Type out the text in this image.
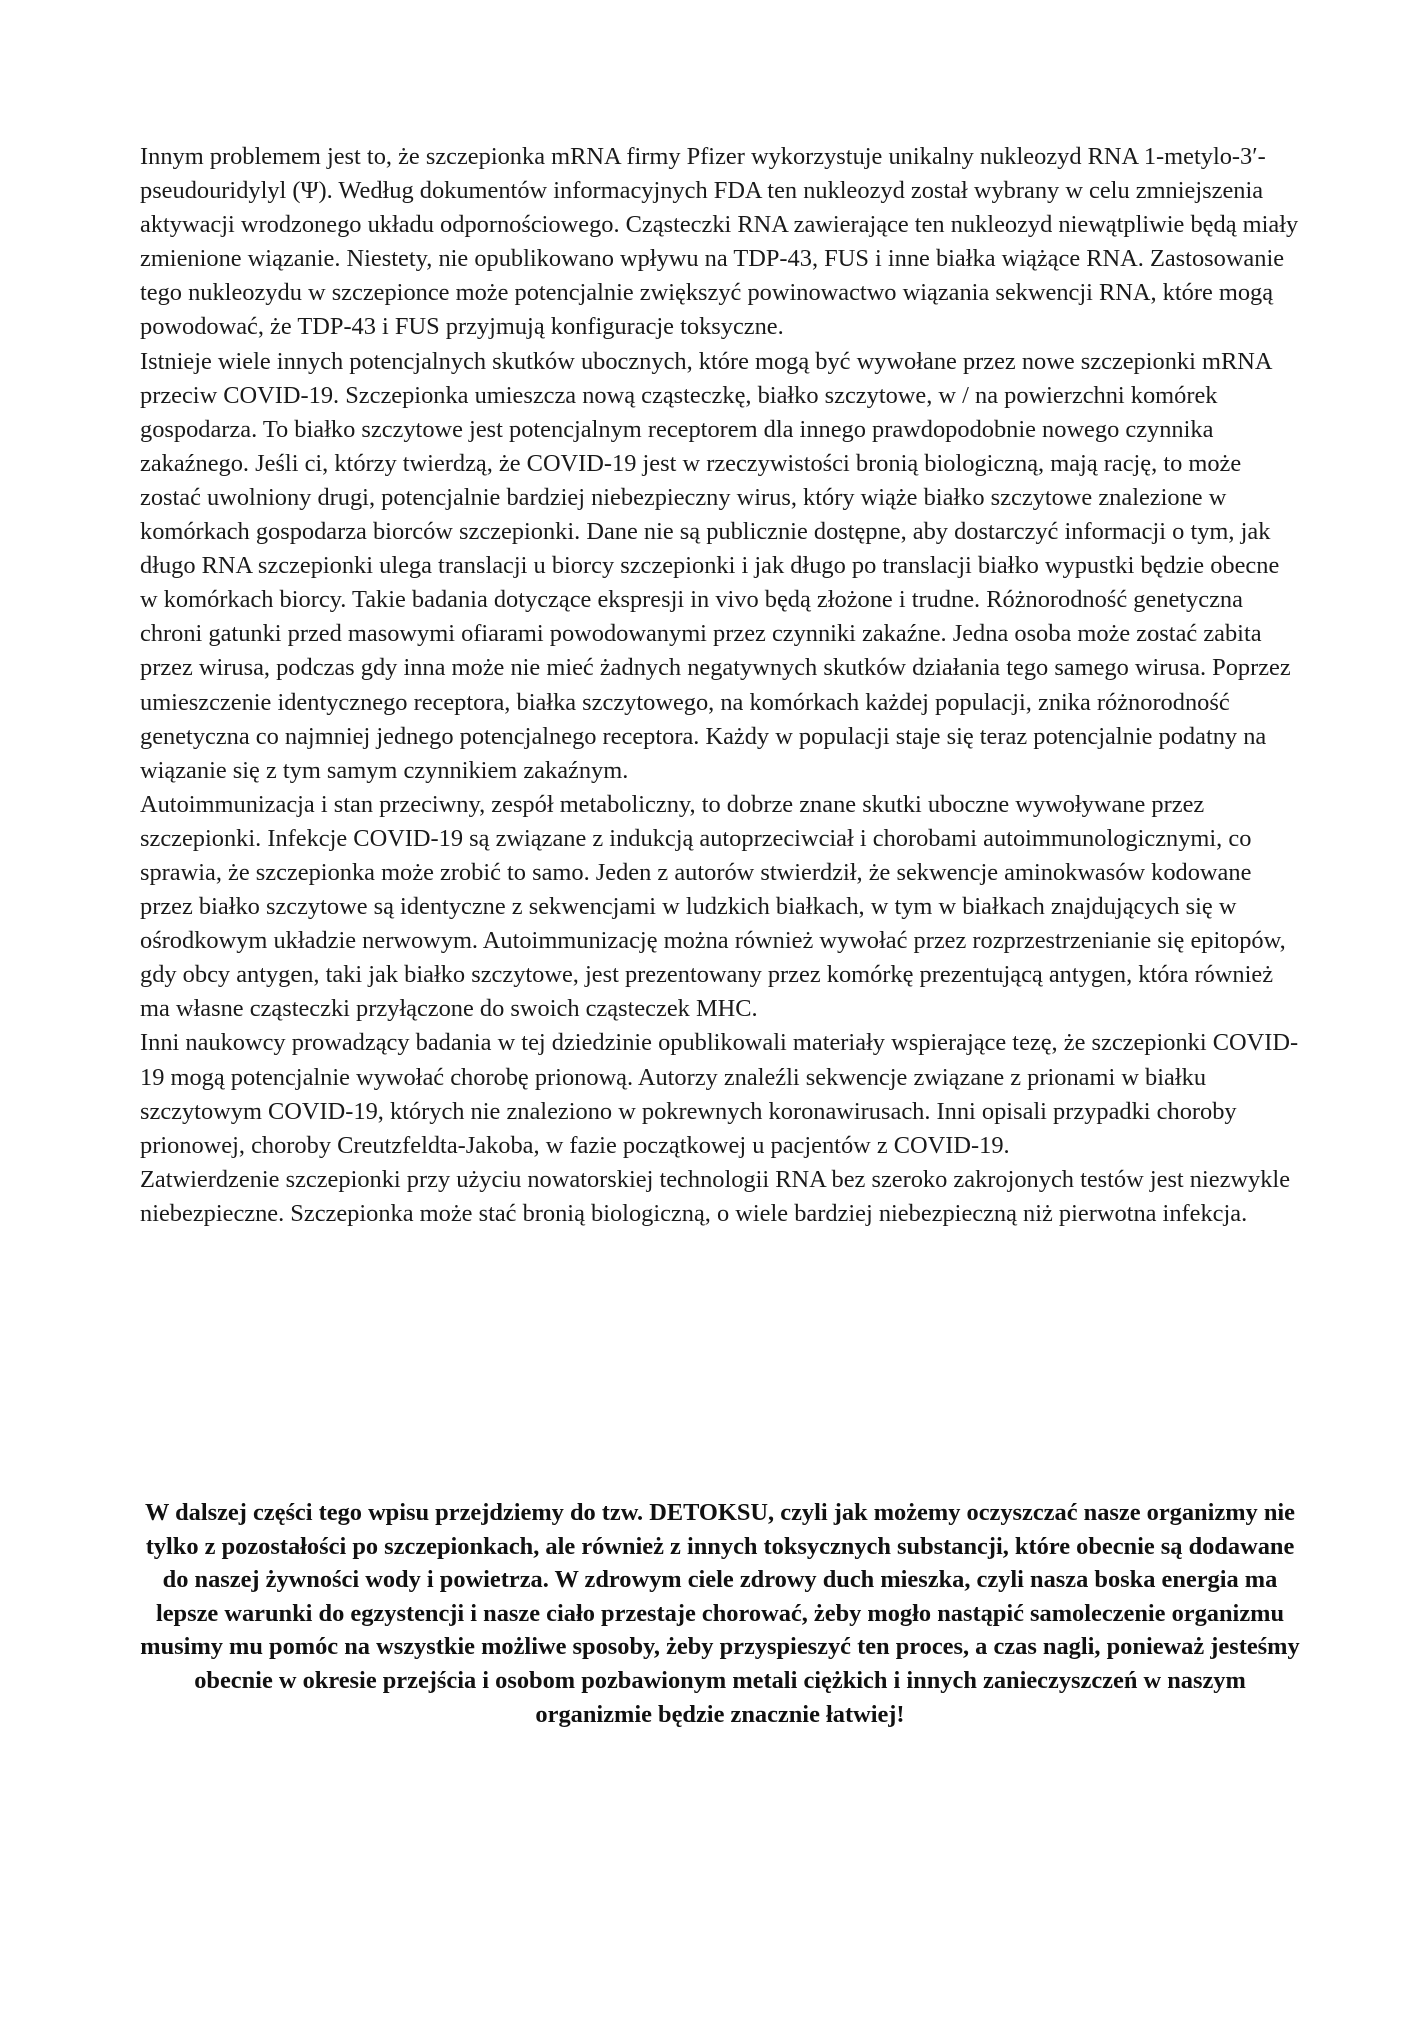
Innym problemem jest to, że szczepionka mRNA firmy Pfizer wykorzystuje unikalny nukleozyd RNA 1-metylo-3′-pseudouridylyl (Ψ). Według dokumentów informacyjnych FDA ten nukleozyd został wybrany w celu zmniejszenia aktywacji wrodzonego układu odpornościowego. Cząsteczki RNA zawierające ten nukleozyd niewątpliwie będą miały zmienione wiązanie. Niestety, nie opublikowano wpływu na TDP-43, FUS i inne białka wiążące RNA. Zastosowanie tego nukleozydu w szczepionce może potencjalnie zwiększyć powinowactwo wiązania sekwencji RNA, które mogą powodować, że TDP-43 i FUS przyjmują konfiguracje toksyczne.

Istnieje wiele innych potencjalnych skutków ubocznych, które mogą być wywołane przez nowe szczepionki mRNA przeciw COVID-19. Szczepionka umieszcza nową cząsteczkę, białko szczytowe, w / na powierzchni komórek gospodarza. To białko szczytowe jest potencjalnym receptorem dla innego prawdopodobnie nowego czynnika zakaźnego. Jeśli ci, którzy twierdzą, że COVID-19 jest w rzeczywistości bronią biologiczną, mają rację, to może zostać uwolniony drugi, potencjalnie bardziej niebezpieczny wirus, który wiąże białko szczytowe znalezione w komórkach gospodarza biorców szczepionki. Dane nie są publicznie dostępne, aby dostarczyć informacji o tym, jak długo RNA szczepionki ulega translacji u biorcy szczepionki i jak długo po translacji białko wypustki będzie obecne w komórkach biorcy. Takie badania dotyczące ekspresji in vivo będą złożone i trudne. Różnorodność genetyczna chroni gatunki przed masowymi ofiarami powodowanymi przez czynniki zakaźne. Jedna osoba może zostać zabita przez wirusa, podczas gdy inna może nie mieć żadnych negatywnych skutków działania tego samego wirusa. Poprzez umieszczenie identycznego receptora, białka szczytowego, na komórkach każdej populacji, znika różnorodność genetyczna co najmniej jednego potencjalnego receptora. Każdy w populacji staje się teraz potencjalnie podatny na wiązanie się z tym samym czynnikiem zakaźnym.

Autoimmunizacja i stan przeciwny, zespół metaboliczny, to dobrze znane skutki uboczne wywoływane przez szczepionki. Infekcje COVID-19 są związane z indukcją autoprzeciwciał i chorobami autoimmunologicznymi, co sprawia, że szczepionka może zrobić to samo. Jeden z autorów stwierdził, że sekwencje aminokwasów kodowane przez białko szczytowe są identyczne z sekwencjami w ludzkich białkach, w tym w białkach znajdujących się w ośrodkowym układzie nerwowym. Autoimmunizację można również wywołać przez rozprzestrzenianie się epitopów, gdy obcy antygen, taki jak białko szczytowe, jest prezentowany przez komórkę prezentującą antygen, która również ma własne cząsteczki przyłączone do swoich cząsteczek MHC.

Inni naukowcy prowadzący badania w tej dziedzinie opublikowali materiały wspierające tezę, że szczepionki COVID-19 mogą potencjalnie wywołać chorobę prionową. Autorzy znaleźli sekwencje związane z prionami w białku szczytowym COVID-19, których nie znaleziono w pokrewnych koronawirusach. Inni opisali przypadki choroby prionowej, choroby Creutzfeldta-Jakoba, w fazie początkowej u pacjentów z COVID-19.

Zatwierdzenie szczepionki przy użyciu nowatorskiej technologii RNA bez szeroko zakrojonych testów jest niezwykle niebezpieczne. Szczepionka może stać bronią biologiczną, o wiele bardziej niebezpieczną niż pierwotna infekcja.

W dalszej części tego wpisu przejdziemy do tzw. DETOKSU, czyli jak możemy oczyszczać nasze organizmy nie tylko z pozostałości po szczepionkach, ale również z innych toksycznych substancji, które obecnie są dodawane do naszej żywności wody i powietrza. W zdrowym ciele zdrowy duch mieszka, czyli nasza boska energia ma lepsze warunki do egzystencji i nasze ciało przestaje chorować, żeby mogło nastąpić samoleczenie organizmu musimy mu pomóc na wszystkie możliwe sposoby, żeby przyspieszyć ten proces, a czas nagli, ponieważ jesteśmy obecnie w okresie przejścia i osobom pozbawionym metali ciężkich i innych zanieczyszczeń w naszym organizmie będzie znacznie łatwiej!
